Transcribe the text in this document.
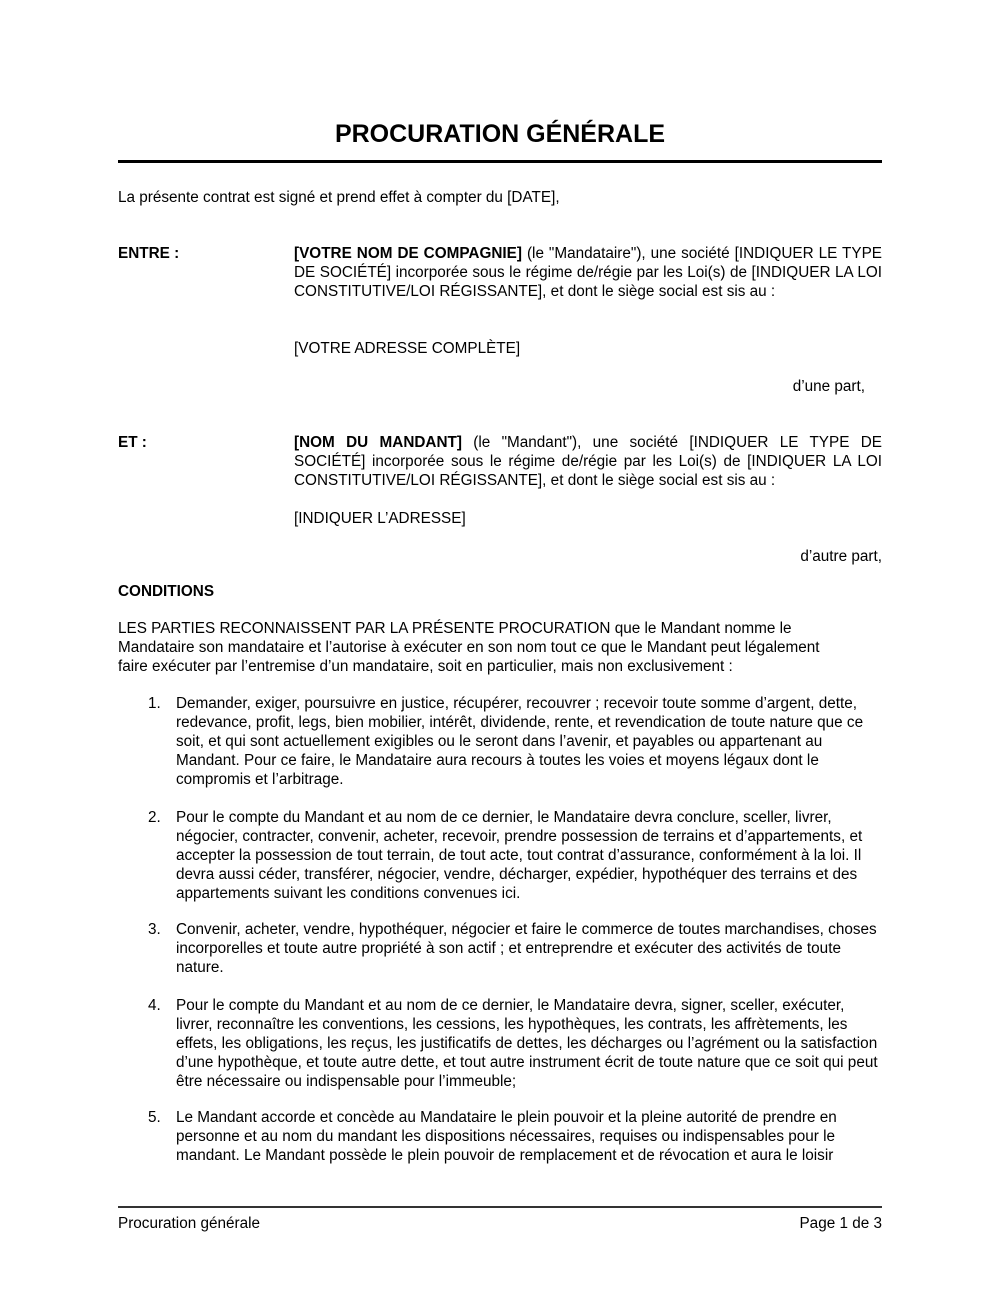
PROCURATION GÉNÉRALE
La présente contrat est signé et prend effet à compter du [DATE],
ENTRE :	[VOTRE NOM DE COMPAGNIE] (le "Mandataire"), une société [INDIQUER LE TYPE DE SOCIÉTÉ] incorporée sous le régime de/régie par les Loi(s) de [INDIQUER LA LOI CONSTITUTIVE/LOI RÉGISSANTE], et dont le siège social est sis au :
[VOTRE ADRESSE COMPLÈTE]
d’une part,
ET :	[NOM DU MANDANT] (le "Mandant"), une société [INDIQUER LE TYPE DE SOCIÉTÉ] incorporée sous le régime de/régie par les Loi(s) de [INDIQUER LA LOI CONSTITUTIVE/LOI RÉGISSANTE], et dont le siège social est sis au :
[INDIQUER L’ADRESSE]
d’autre part,
CONDITIONS
LES PARTIES RECONNAISSENT PAR LA PRÉSENTE PROCURATION que le Mandant nomme le Mandataire son mandataire et l’autorise à exécuter en son nom tout ce que le Mandant peut légalement faire exécuter par l’entremise d’un mandataire, soit en particulier, mais non exclusivement :
1. Demander, exiger, poursuivre en justice, récupérer, recouvrer ; recevoir toute somme d’argent, dette, redevance, profit, legs, bien mobilier, intérêt, dividende, rente, et revendication de toute nature que ce soit, et qui sont actuellement exigibles ou le seront dans l’avenir, et payables ou appartenant au Mandant. Pour ce faire, le Mandataire aura recours à toutes les voies et moyens légaux dont le compromis et l’arbitrage.
2. Pour le compte du Mandant et au nom de ce dernier, le Mandataire devra conclure, sceller, livrer, négocier, contracter, convenir, acheter, recevoir, prendre possession de terrains et d’appartements, et accepter la possession de tout terrain, de tout acte, tout contrat d’assurance, conformément à la loi. Il devra aussi céder, transférer, négocier, vendre, décharger, expédier, hypothéquer des terrains et des appartements suivant les conditions convenues ici.
3. Convenir, acheter, vendre, hypothéquer, négocier et faire le commerce de toutes marchandises, choses incorporelles et toute autre propriété à son actif ; et entreprendre et exécuter des activités de toute nature.
4. Pour le compte du Mandant et au nom de ce dernier, le Mandataire devra, signer, sceller, exécuter, livrer, reconnaître les conventions, les cessions, les hypothèques, les contrats, les affrètements, les effets, les obligations, les reçus, les justificatifs de dettes, les décharges ou l’agrément ou la satisfaction d’une hypothèque, et toute autre dette, et tout autre instrument écrit de toute nature que ce soit qui peut être nécessaire ou indispensable pour l’immeuble;
5. Le Mandant accorde et concède au Mandataire le plein pouvoir et la pleine autorité de prendre en personne et au nom du mandant les dispositions nécessaires, requises ou indispensables pour le mandant. Le Mandant possède le plein pouvoir de remplacement et de révocation et aura le loisir
Procuration générale	Page 1 de 3
